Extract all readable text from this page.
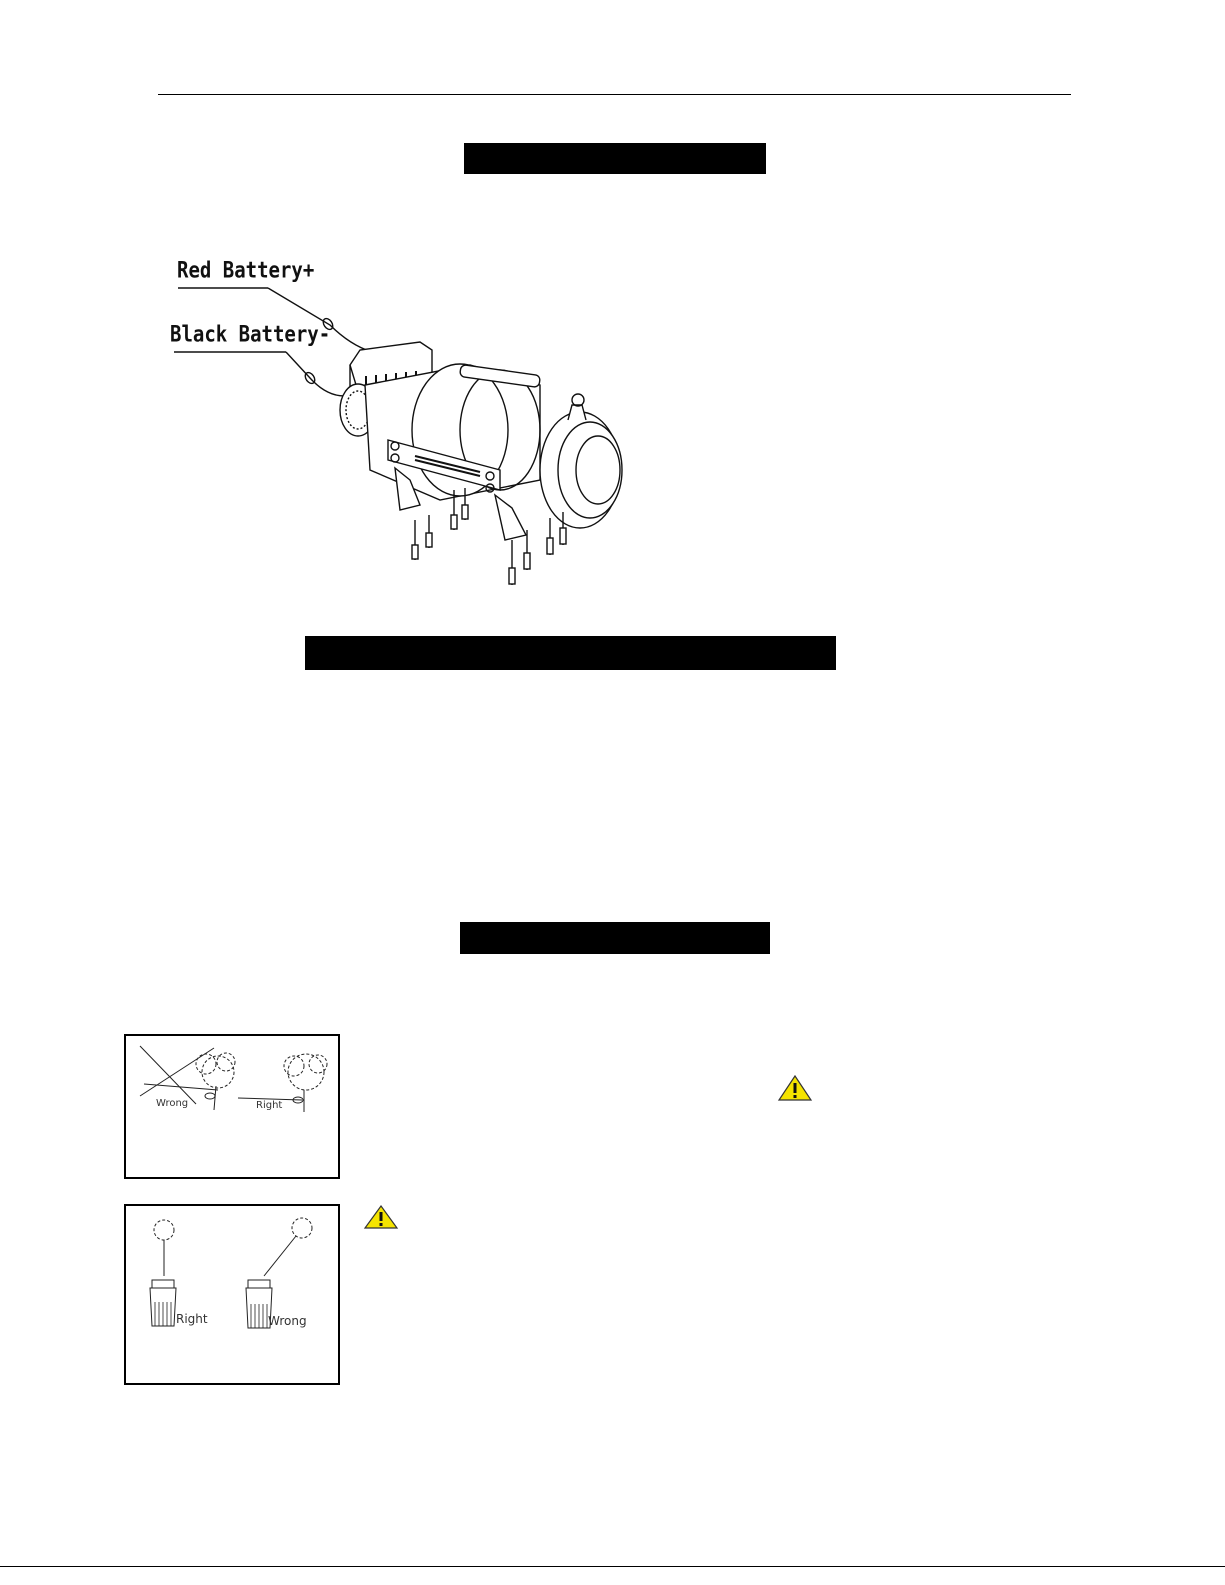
Red Battery+
Black Battery-
Wrong	Right
Right	Wrong
